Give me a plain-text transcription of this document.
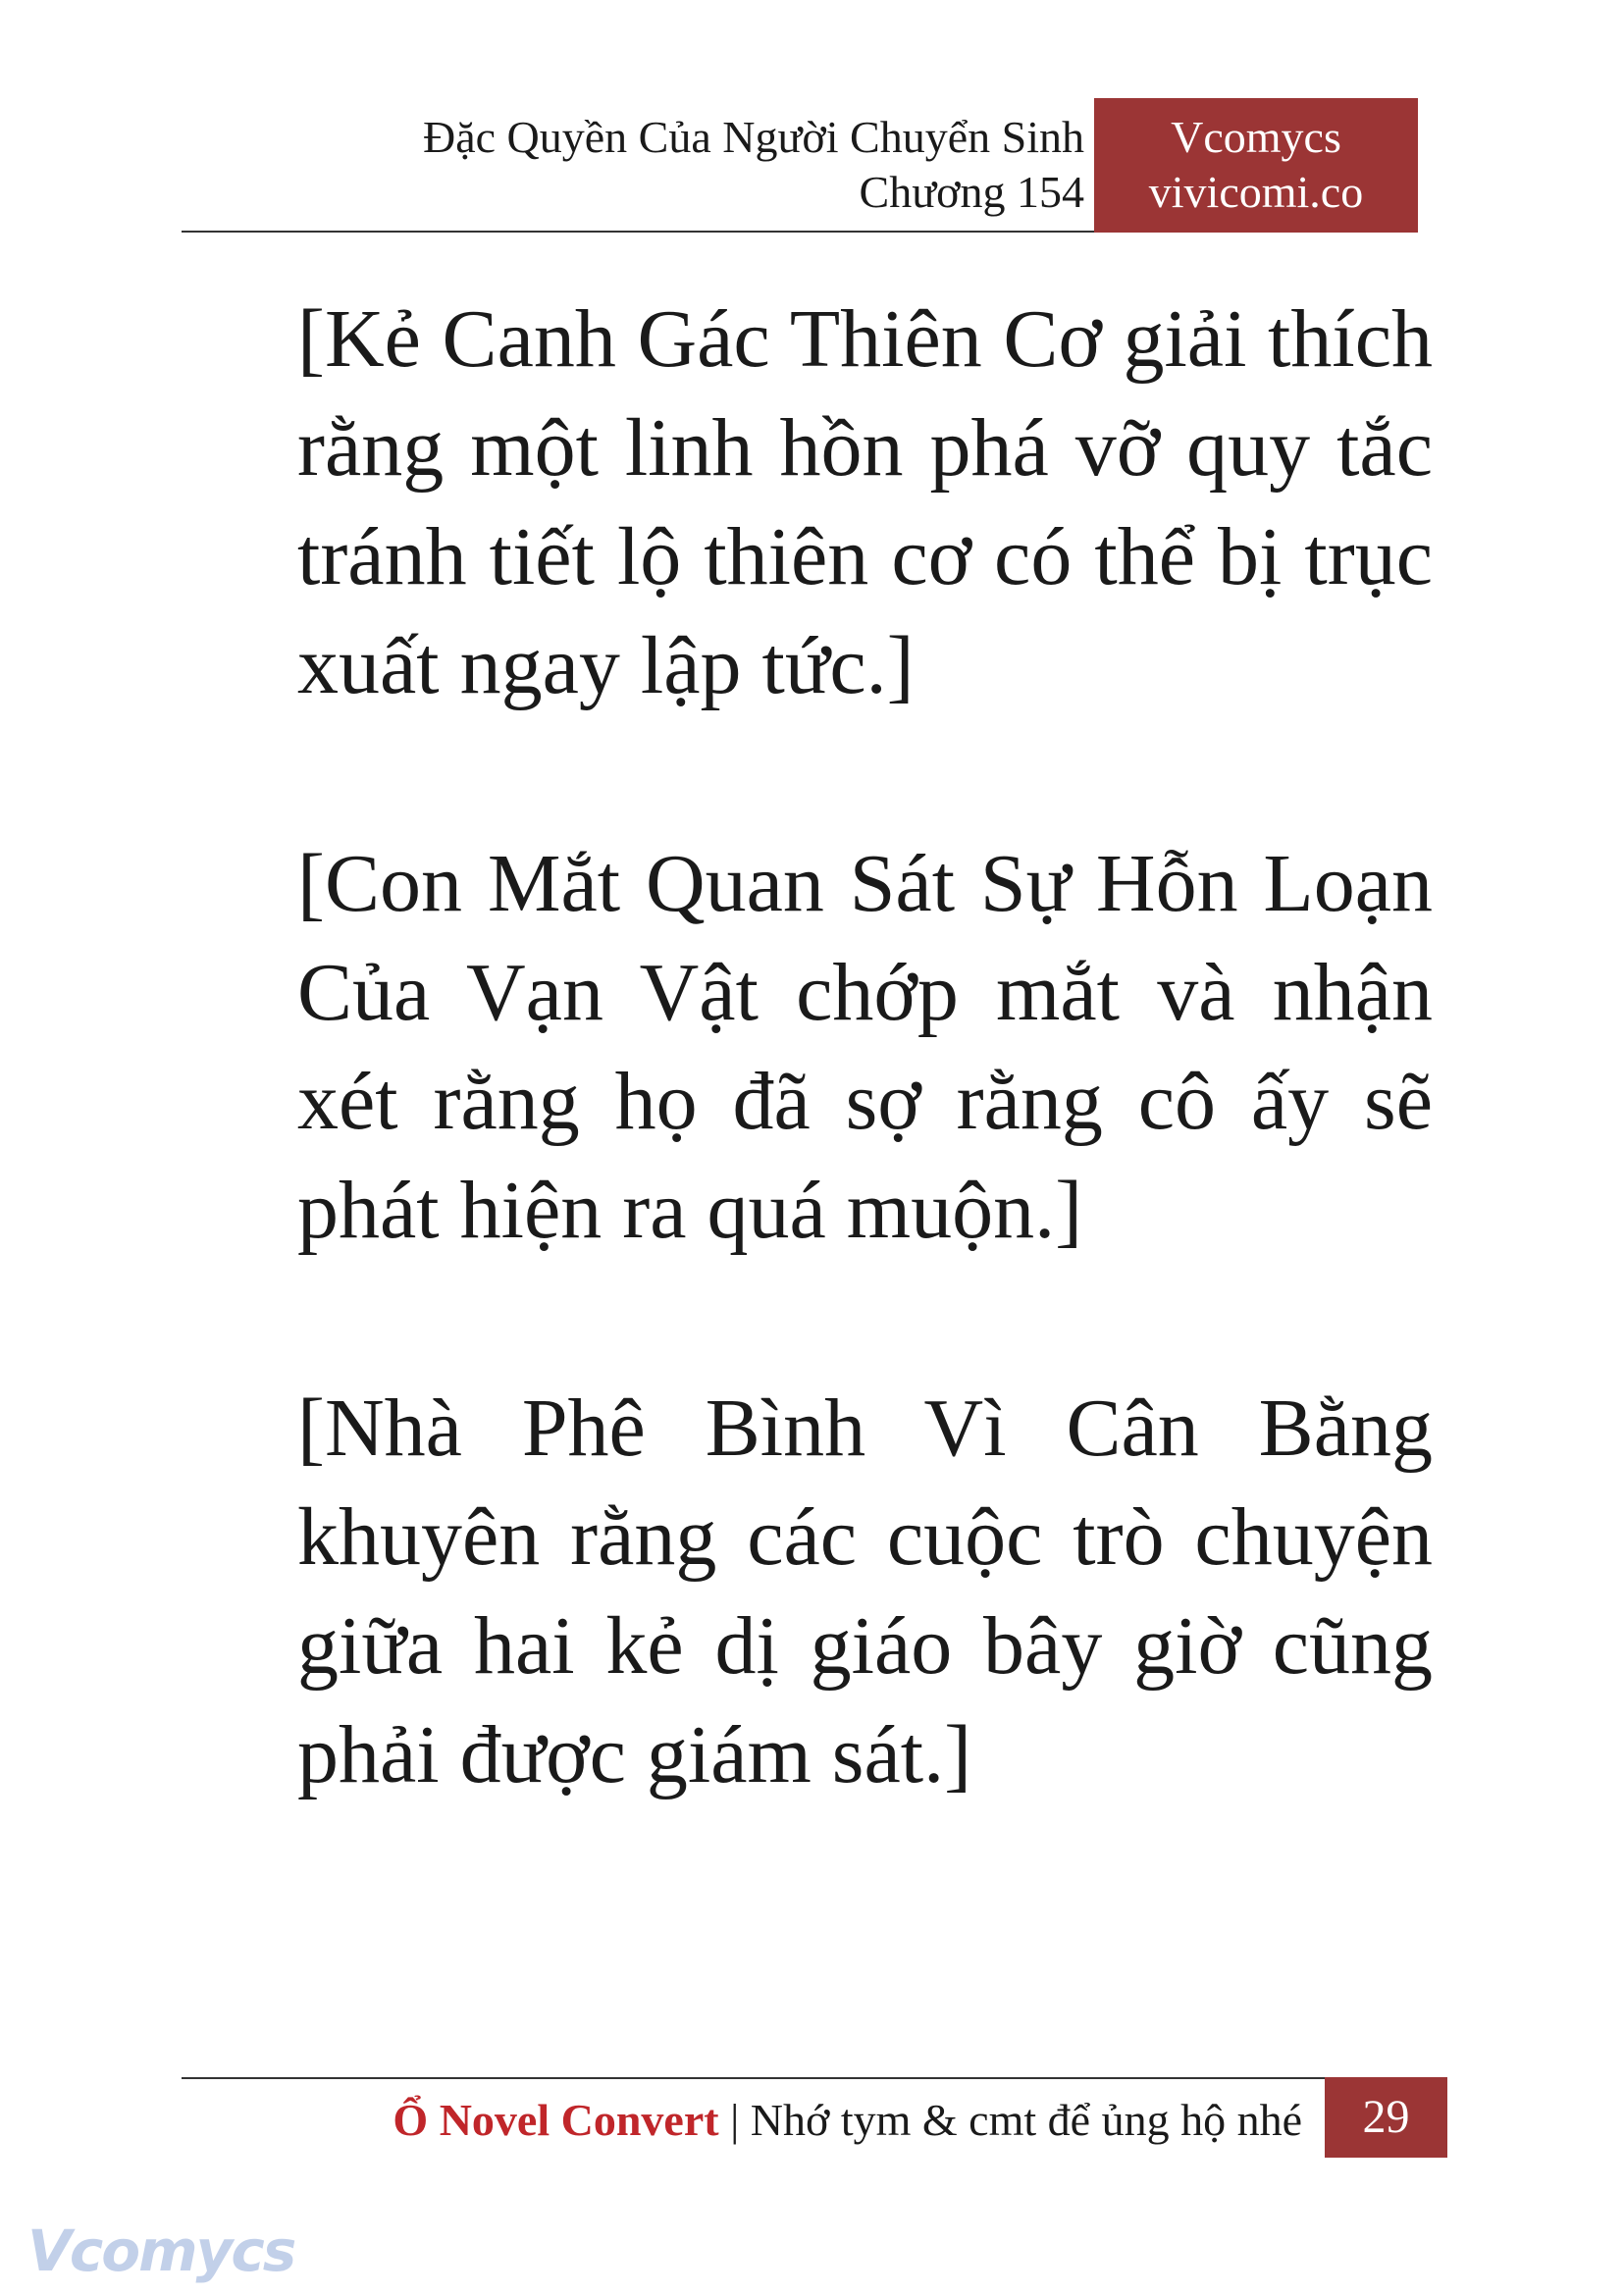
Đặc Quyền Của Người Chuyển Sinh
Chương 154
Vcomycs
vivicomi.co

[Kẻ Canh Gác Thiên Cơ giải thích rằng một linh hồn phá vỡ quy tắc tránh tiết lộ thiên cơ có thể bị trục xuất ngay lập tức.]

[Con Mắt Quan Sát Sự Hỗn Loạn Của Vạn Vật chớp mắt và nhận xét rằng họ đã sợ rằng cô ấy sẽ phát hiện ra quá muộn.]

[Nhà Phê Bình Vì Cân Bằng khuyên rằng các cuộc trò chuyện giữa hai kẻ dị giáo bây giờ cũng phải được giám sát.]

Ổ Novel Convert | Nhớ tym & cmt để ủng hộ nhé	29
Vcomycs
